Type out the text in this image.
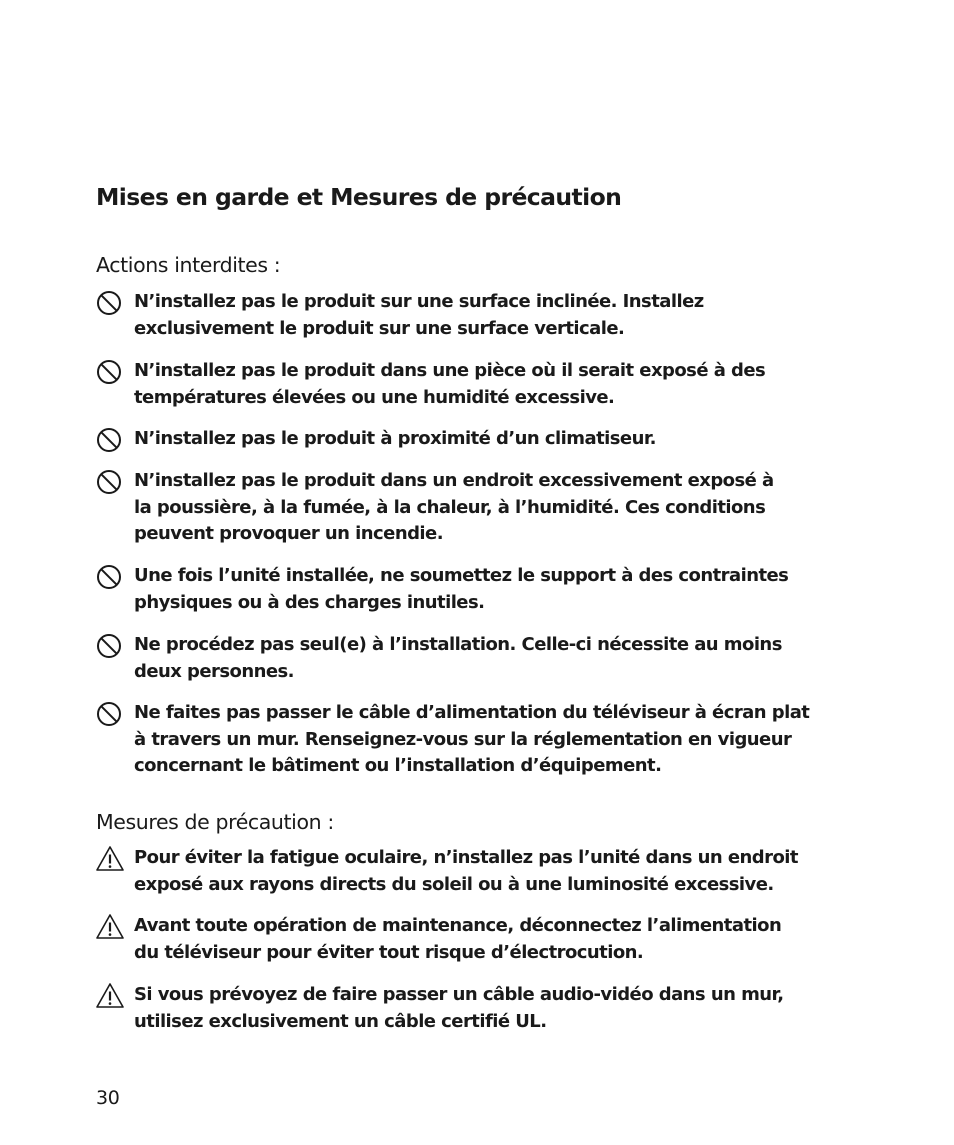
Mises en garde et Mesures de précaution
Actions interdites :
N’installez pas le produit sur une surface inclinée. Installez
exclusivement le produit sur une surface verticale.
N’installez pas le produit dans une pièce où il serait exposé à des
températures élevées ou une humidité excessive.
N’installez pas le produit à proximité d’un climatiseur.
N’installez pas le produit dans un endroit excessivement exposé à
la poussière, à la fumée, à la chaleur, à l’humidité. Ces conditions
peuvent provoquer un incendie.
Une fois l’unité installée, ne soumettez le support à des contraintes
physiques ou à des charges inutiles.
Ne procédez pas seul(e) à l’installation. Celle-ci nécessite au moins
deux personnes.
Ne faites pas passer le câble d’alimentation du téléviseur à écran plat
à travers un mur. Renseignez-vous sur la réglementation en vigueur
concernant le bâtiment ou l’installation d’équipement.
Mesures de précaution :
Pour éviter la fatigue oculaire, n’installez pas l’unité dans un endroit
exposé aux rayons directs du soleil ou à une luminosité excessive.
Avant toute opération de maintenance, déconnectez l’alimentation
du téléviseur pour éviter tout risque d’électrocution.
Si vous prévoyez de faire passer un câble audio-vidéo dans un mur,
utilisez exclusivement un câble certifié UL.
30
